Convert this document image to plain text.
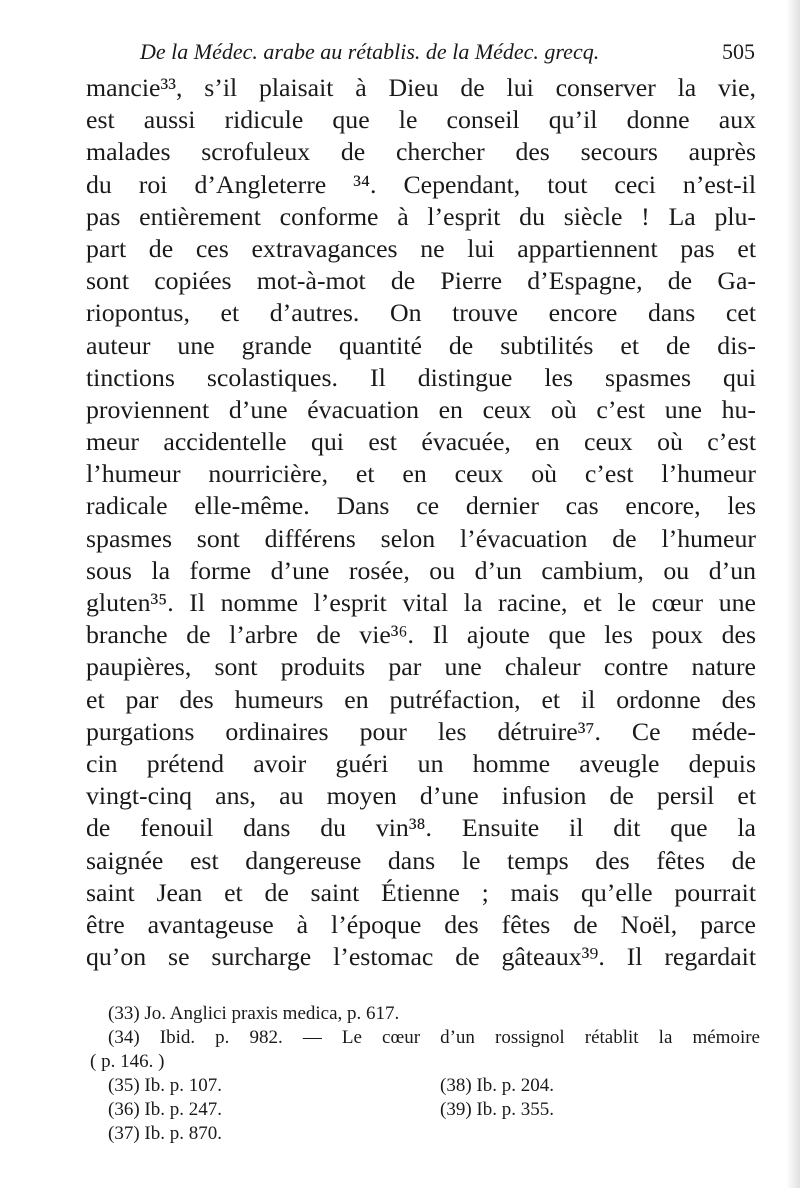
De la Médec. arabe au rétablis. de la Médec. grecq.	505
mancie³³, s’il plaisait à Dieu de lui conserver la vie,
est aussi ridicule que le conseil qu’il donne aux
malades scrofuleux de chercher des secours auprès
du roi d’Angleterre ³⁴. Cependant, tout ceci n’est-il
pas entièrement conforme à l’esprit du siècle ! La plu-
part de ces extravagances ne lui appartiennent pas et
sont copiées mot-à-mot de Pierre d’Espagne, de Ga-
riopontus, et d’autres. On trouve encore dans cet
auteur une grande quantité de subtilités et de dis-
tinctions scolastiques. Il distingue les spasmes qui
proviennent d’une évacuation en ceux où c’est une hu-
meur accidentelle qui est évacuée, en ceux où c’est
l’humeur nourricière, et en ceux où c’est l’humeur
radicale elle-même. Dans ce dernier cas encore, les
spasmes sont différens selon l’évacuation de l’humeur
sous la forme d’une rosée, ou d’un cambium, ou d’un
gluten³⁵. Il nomme l’esprit vital la racine, et le cœur une
branche de l’arbre de vie³⁶. Il ajoute que les poux des
paupières, sont produits par une chaleur contre nature
et par des humeurs en putréfaction, et il ordonne des
purgations ordinaires pour les détruire³⁷. Ce méde-
cin prétend avoir guéri un homme aveugle depuis
vingt-cinq ans, au moyen d’une infusion de persil et
de fenouil dans du vin³⁸. Ensuite il dit que la
saignée est dangereuse dans le temps des fêtes de
saint Jean et de saint Étienne ; mais qu’elle pourrait
être avantageuse à l’époque des fêtes de Noël, parce
qu’on se surcharge l’estomac de gâteaux³⁹. Il regardait
(33) Jo. Anglici praxis medica, p. 617.
(34) Ibid. p. 982. — Le cœur d’un rossignol rétablit la mémoire
( p. 146. )
(35) Ib. p. 107.
(36) Ib. p. 247.
(37) Ib. p. 870.
(38) Ib. p. 204.
(39) Ib. p. 355.
